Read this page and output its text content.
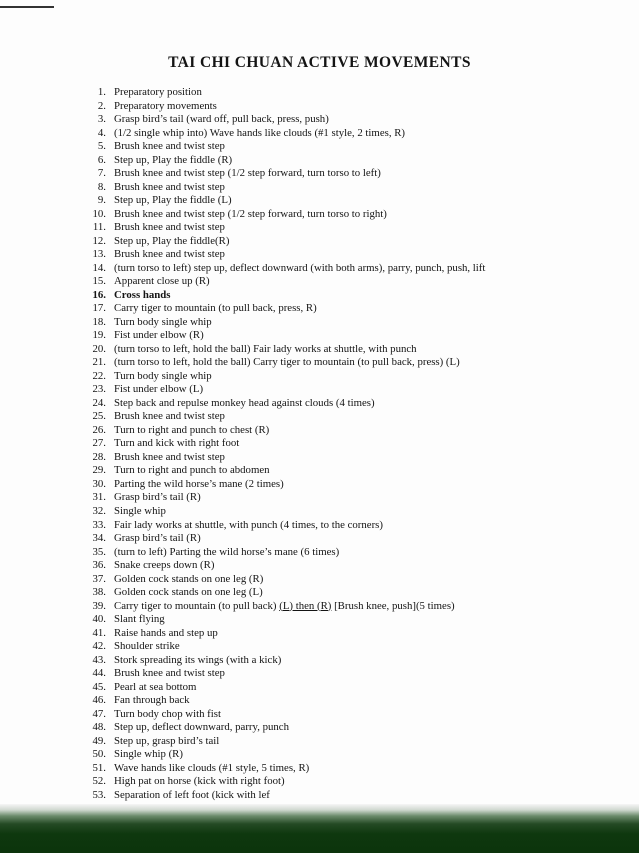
TAI CHI CHUAN ACTIVE MOVEMENTS
1. Preparatory position
2. Preparatory movements
3. Grasp bird’s tail (ward off, pull back, press, push)
4. (1/2 single whip into) Wave hands like clouds (#1 style, 2 times, R)
5. Brush knee and twist step
6. Step up, Play the fiddle (R)
7. Brush knee and twist step (1/2 step forward, turn torso to left)
8. Brush knee and twist step
9. Step up, Play the fiddle (L)
10. Brush knee and twist step (1/2 step forward, turn torso to right)
11. Brush knee and twist step
12. Step up, Play the fiddle(R)
13. Brush knee and twist step
14. (turn torso to left) step up, deflect downward (with both arms), parry, punch, push, lift
15. Apparent close up (R)
16. Cross hands
17. Carry tiger to mountain (to pull back, press, R)
18. Turn body single whip
19. Fist under elbow (R)
20. (turn torso to left, hold the ball) Fair lady works at shuttle, with punch
21. (turn torso to left, hold the ball) Carry tiger to mountain (to pull back, press) (L)
22. Turn body single whip
23. Fist under elbow (L)
24. Step back and repulse monkey head against clouds (4 times)
25. Brush knee and twist step
26. Turn to right and punch to chest (R)
27. Turn and kick with right foot
28. Brush knee and twist step
29. Turn to right and punch to abdomen
30. Parting the wild horse’s mane (2 times)
31. Grasp bird’s tail (R)
32. Single whip
33. Fair lady works at shuttle, with punch (4 times, to the corners)
34. Grasp bird’s tail (R)
35. (turn to left) Parting the wild horse’s mane (6 times)
36. Snake creeps down (R)
37. Golden cock stands on one leg (R)
38. Golden cock stands on one leg (L)
39. Carry tiger to mountain (to pull back) (L) then (R) [Brush knee, push](5 times)
40. Slant flying
41. Raise hands and step up
42. Shoulder strike
43. Stork spreading its wings (with a kick)
44. Brush knee and twist step
45. Pearl at sea bottom
46. Fan through back
47. Turn body chop with fist
48. Step up, deflect downward, parry, punch
49. Step up, grasp bird’s tail
50. Single whip (R)
51. Wave hands like clouds (#1 style, 5 times, R)
52. High pat on horse (kick with right foot)
53. Separation of left foot (kick with lef
